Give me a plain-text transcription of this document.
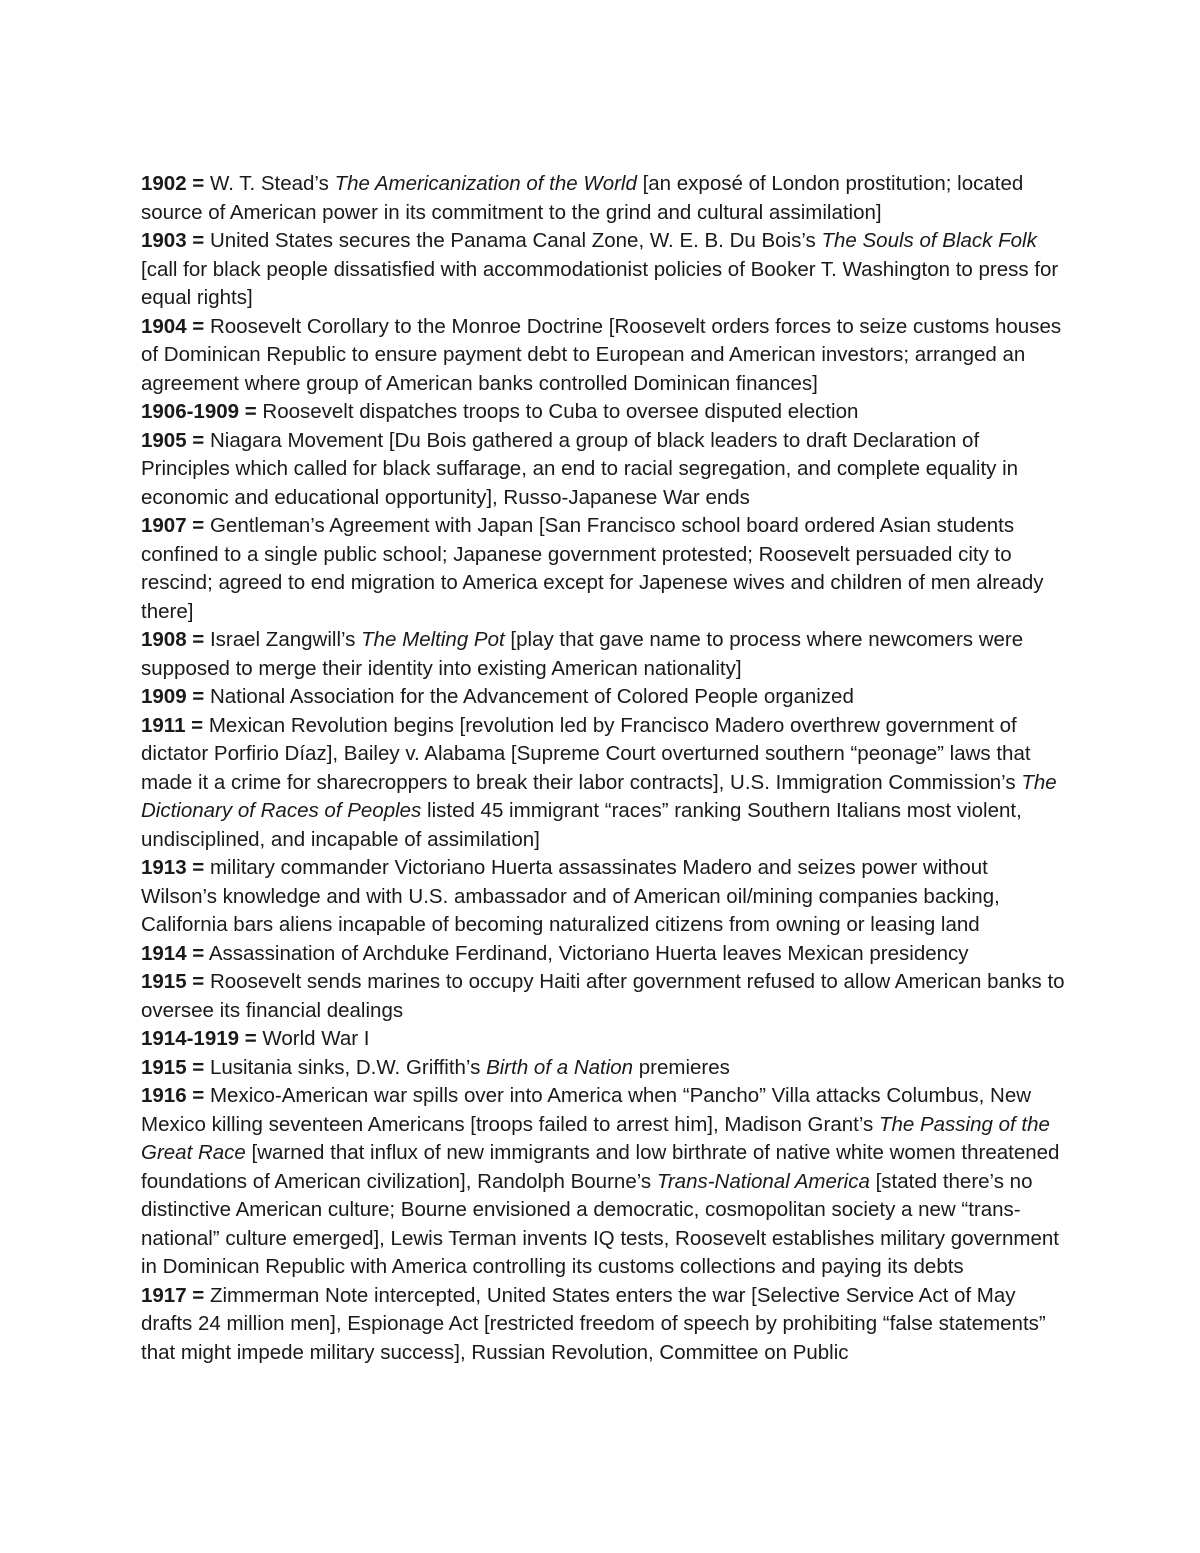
1902 = W. T. Stead’s The Americanization of the World [an exposé of London prostitution; located source of American power in its commitment to the grind and cultural assimilation]

1903 = United States secures the Panama Canal Zone, W. E. B. Du Bois’s The Souls of Black Folk [call for black people dissatisfied with accommodationist policies of Booker T. Washington to press for equal rights]

1904 = Roosevelt Corollary to the Monroe Doctrine [Roosevelt orders forces to seize customs houses of Dominican Republic to ensure payment debt to European and American investors; arranged an agreement where group of American banks controlled Dominican finances]

1906-1909 = Roosevelt dispatches troops to Cuba to oversee disputed election

1905 = Niagara Movement [Du Bois gathered a group of black leaders to draft Declaration of Principles which called for black suffarage, an end to racial segregation, and complete equality in economic and educational opportunity], Russo-Japanese War ends

1907 = Gentleman’s Agreement with Japan [San Francisco school board ordered Asian students confined to a single public school; Japanese government protested; Roosevelt persuaded city to rescind; agreed to end migration to America except for Japenese wives and children of men already there]

1908 = Israel Zangwill’s The Melting Pot [play that gave name to process where newcomers were supposed to merge their identity into existing American nationality]

1909 = National Association for the Advancement of Colored People organized

1911 = Mexican Revolution begins [revolution led by Francisco Madero overthrew government of dictator Porfirio Díaz], Bailey v. Alabama [Supreme Court overturned southern “peonage” laws that made it a crime for sharecroppers to break their labor contracts], U.S. Immigration Commission’s The Dictionary of Races of Peoples listed 45 immigrant “races” ranking Southern Italians most violent, undisciplined, and incapable of assimilation]

1913 = military commander Victoriano Huerta assassinates Madero and seizes power without Wilson’s knowledge and with U.S. ambassador and of American oil/mining companies backing, California bars aliens incapable of becoming naturalized citizens from owning or leasing land

1914 = Assassination of Archduke Ferdinand, Victoriano Huerta leaves Mexican presidency

1915 = Roosevelt sends marines to occupy Haiti after government refused to allow American banks to oversee its financial dealings

1914-1919 = World War I

1915 = Lusitania sinks, D.W. Griffith’s Birth of a Nation premieres

1916 = Mexico-American war spills over into America when “Pancho” Villa attacks Columbus, New Mexico killing seventeen Americans [troops failed to arrest him], Madison Grant’s The Passing of the Great Race [warned that influx of new immigrants and low birthrate of native white women threatened foundations of American civilization], Randolph Bourne’s Trans-National America [stated there’s no distinctive American culture; Bourne envisioned a democratic, cosmopolitan society a new “trans-national” culture emerged], Lewis Terman invents IQ tests, Roosevelt establishes military government in Dominican Republic with America controlling its customs collections and paying its debts

1917 = Zimmerman Note intercepted, United States enters the war [Selective Service Act of May drafts 24 million men], Espionage Act [restricted freedom of speech by prohibiting “false statements” that might impede military success], Russian Revolution, Committee on Public
